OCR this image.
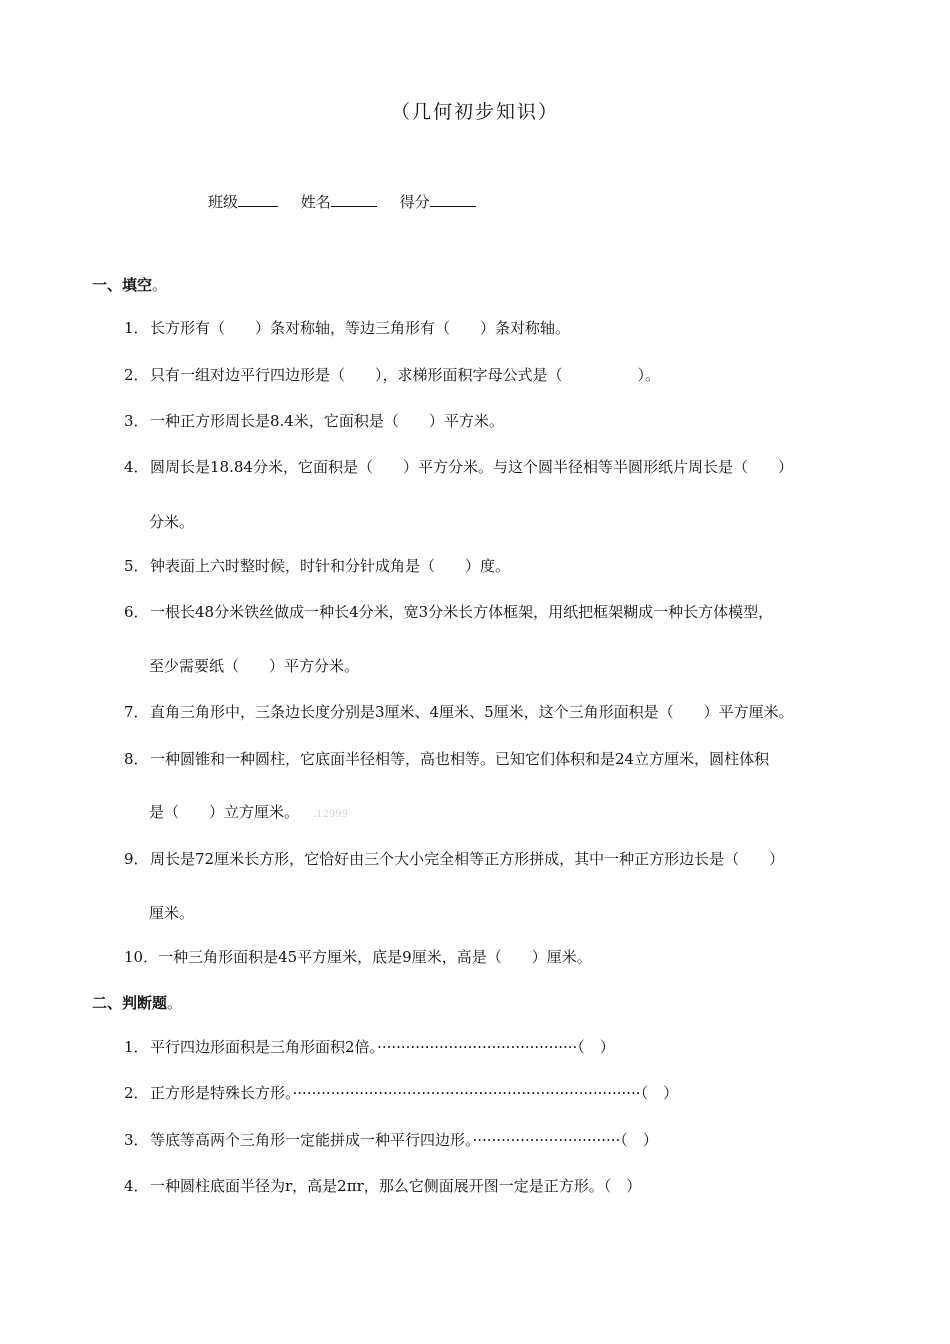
（几何初步知识）
班级	姓名	得分
一、填空。
1．长方形有（　　）条对称轴，等边三角形有（　　）条对称轴。
2．只有一组对边平行四边形是（　　），求梯形面积字母公式是（　　　　　）。
3．一种正方形周长是8.4米，它面积是（　　）平方米。
4．圆周长是18.84分米，它面积是（　　）平方分米。与这个圆半径相等半圆形纸片周长是（　　）
分米。
5．钟表面上六时整时候，时针和分针成角是（　　）度。
6．一根长48分米铁丝做成一种长4分米，宽3分米长方体框架，用纸把框架糊成一种长方体模型，
至少需要纸（　　）平方分米。
7．直角三角形中，三条边长度分别是3厘米、4厘米、5厘米，这个三角形面积是（　　）平方厘米。
8．一种圆锥和一种圆柱，它底面半径相等，高也相等。已知它们体积和是24立方厘米，圆柱体积
是（　　）立方厘米。 .12999
9．周长是72厘米长方形，它恰好由三个大小完全相等正方形拼成，其中一种正方形边长是（　　）
厘米。
10．一种三角形面积是45平方厘米，底是9厘米，高是（　　）厘米。
二、判断题。
1．平行四边形面积是三角形面积2倍。··········································（　）
2．正方形是特殊长方形。·········································································（　）
3．等底等高两个三角形一定能拼成一种平行四边形。·······························（　）
4．一种圆柱底面半径为r，高是2πr，那么它侧面展开图一定是正方形。（　）
